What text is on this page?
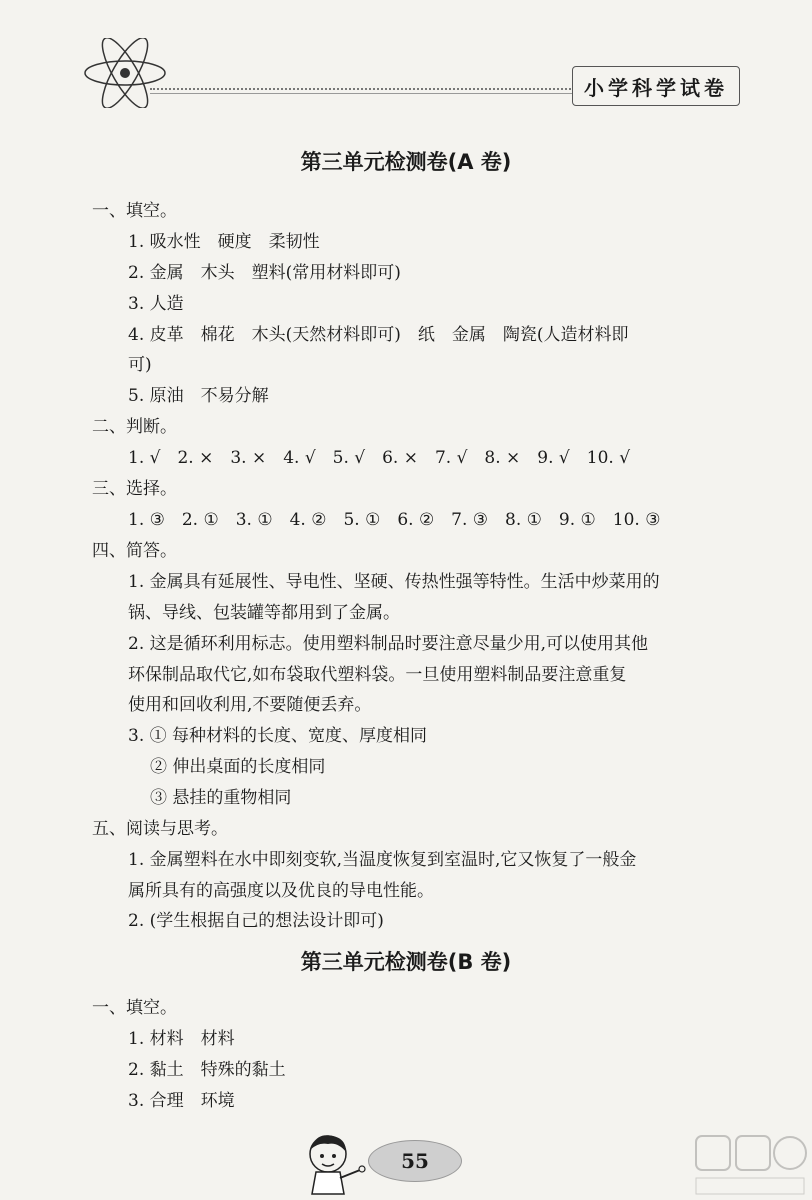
小学科学试卷
第三单元检测卷(A 卷)
一、填空。
1. 吸水性　硬度　柔韧性
2. 金属　木头　塑料(常用材料即可)
3. 人造
4. 皮革　棉花　木头(天然材料即可)　纸　金属　陶瓷(人造材料即
可)
5. 原油　不易分解
二、判断。
1. √　2. ×　3. ×　4. √　5. √　6. ×　7. √　8. ×　9. √　10. √
三、选择。
1. ③　2. ①　3. ①　4. ②　5. ①　6. ②　7. ③　8. ①　9. ①　10. ③
四、简答。
1. 金属具有延展性、导电性、坚硬、传热性强等特性。生活中炒菜用的
锅、导线、包装罐等都用到了金属。
2. 这是循环利用标志。使用塑料制品时要注意尽量少用,可以使用其他
环保制品取代它,如布袋取代塑料袋。一旦使用塑料制品要注意重复
使用和回收利用,不要随便丢弃。
3. ① 每种材料的长度、宽度、厚度相同
② 伸出桌面的长度相同
③ 悬挂的重物相同
五、阅读与思考。
1. 金属塑料在水中即刻变软,当温度恢复到室温时,它又恢复了一般金
属所具有的高强度以及优良的导电性能。
2. (学生根据自己的想法设计即可)
第三单元检测卷(B 卷)
一、填空。
1. 材料　材料
2. 黏土　特殊的黏土
3. 合理　环境
55
